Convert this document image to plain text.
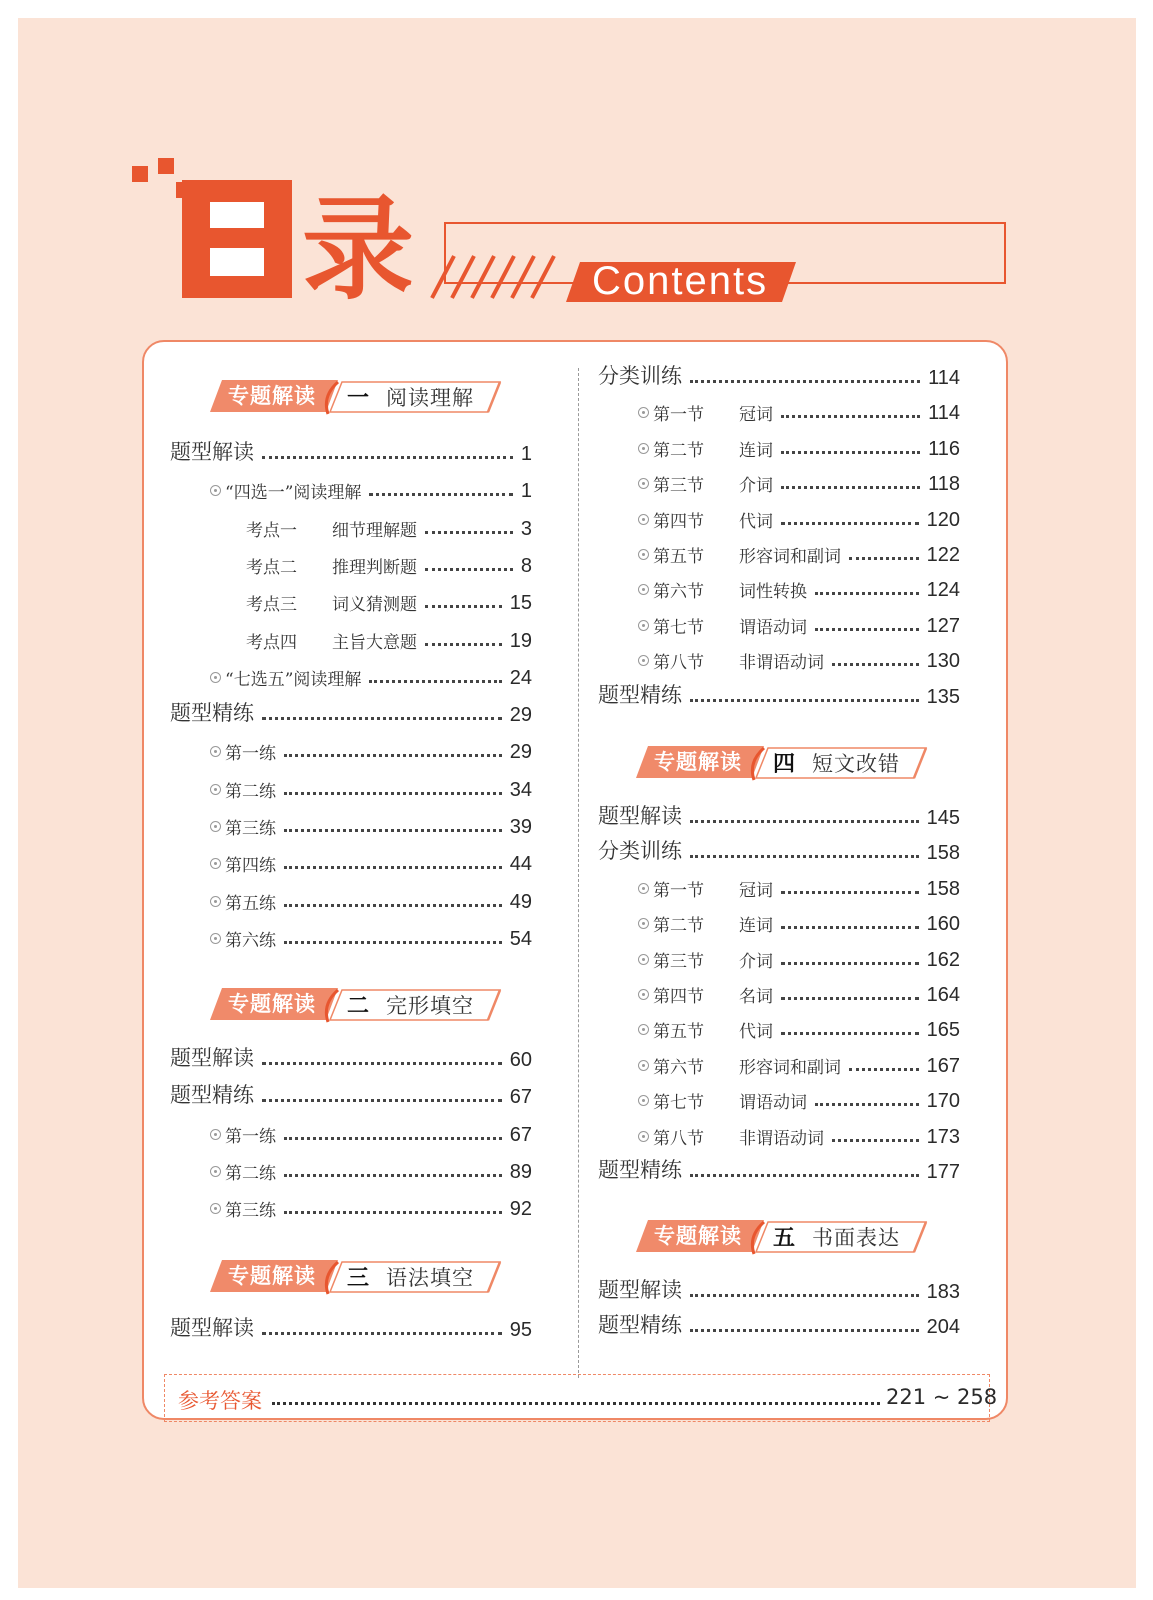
录	Contents
专题解读	一 阅读理解
题型解读	1
“四选一”阅读理解	1
考点一 细节理解题	3
考点二 推理判断题	8
考点三 词义猜测题	15
考点四 主旨大意题	19
“七选五”阅读理解	24
题型精练	29
第一练	29
第二练	34
第三练	39
第四练	44
第五练	49
第六练	54
专题解读	二 完形填空
题型解读	60
题型精练	67
第一练	67
第二练	89
第三练	92
专题解读	三 语法填空
题型解读	95
分类训练	114
第一节 冠词	114
第二节 连词	116
第三节 介词	118
第四节 代词	120
第五节 形容词和副词	122
第六节 词性转换	124
第七节 谓语动词	127
第八节 非谓语动词	130
题型精练	135
专题解读	四 短文改错
题型解读	145
分类训练	158
第一节 冠词	158
第二节 连词	160
第三节 介词	162
第四节 名词	164
第五节 代词	165
第六节 形容词和副词	167
第七节 谓语动词	170
第八节 非谓语动词	173
题型精练	177
专题解读	五 书面表达
题型解读	183
题型精练	204
参考答案	221 ~ 258
